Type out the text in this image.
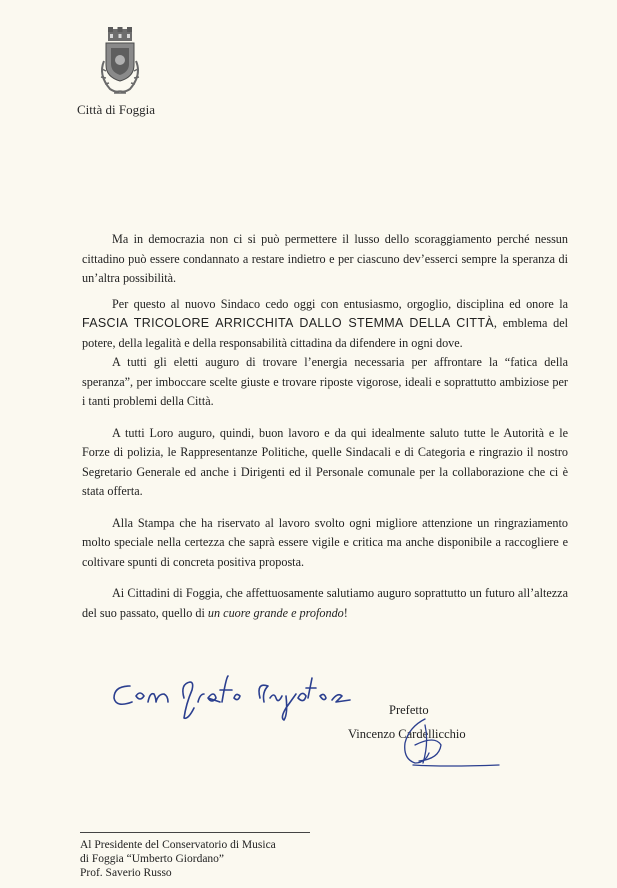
Città di Foggia

Ma in democrazia non ci si può permettere il lusso dello scoraggiamento perché nessun cittadino può essere condannato a restare indietro e per ciascuno dev’esserci sempre la speranza di un’altra possibilità.

Per questo al nuovo Sindaco cedo oggi con entusiasmo, orgoglio, disciplina ed onore la FASCIA TRICOLORE ARRICCHITA DALLO STEMMA DELLA CITTÀ, emblema del potere, della legalità e della responsabilità cittadina da difendere in ogni dove.

A tutti gli eletti auguro di trovare l’energia necessaria per affrontare la “fatica della speranza”, per imboccare scelte giuste e trovare riposte vigorose, ideali e soprattutto ambiziose per i tanti problemi della Città.

A tutti Loro auguro, quindi, buon lavoro e da qui idealmente saluto tutte le Autorità e le Forze di polizia, le Rappresentanze Politiche, quelle Sindacali e di Categoria e ringrazio il nostro Segretario Generale ed anche i Dirigenti ed il Personale comunale per la collaborazione che ci è stata offerta.

Alla Stampa che ha riservato al lavoro svolto ogni migliore attenzione un ringraziamento molto speciale nella certezza che saprà essere vigile e critica ma anche disponibile a raccogliere e coltivare spunti di concreta positiva proposta.

Ai Cittadini di Foggia, che affettuosamente salutiamo auguro soprattutto un futuro all’altezza del suo passato, quello di un cuore grande e profondo!

Prefetto
Vincenzo Cardellicchio
Al Presidente del Conservatorio di Musica
di Foggia “Umberto Giordano”
Prof. Saverio Russo
